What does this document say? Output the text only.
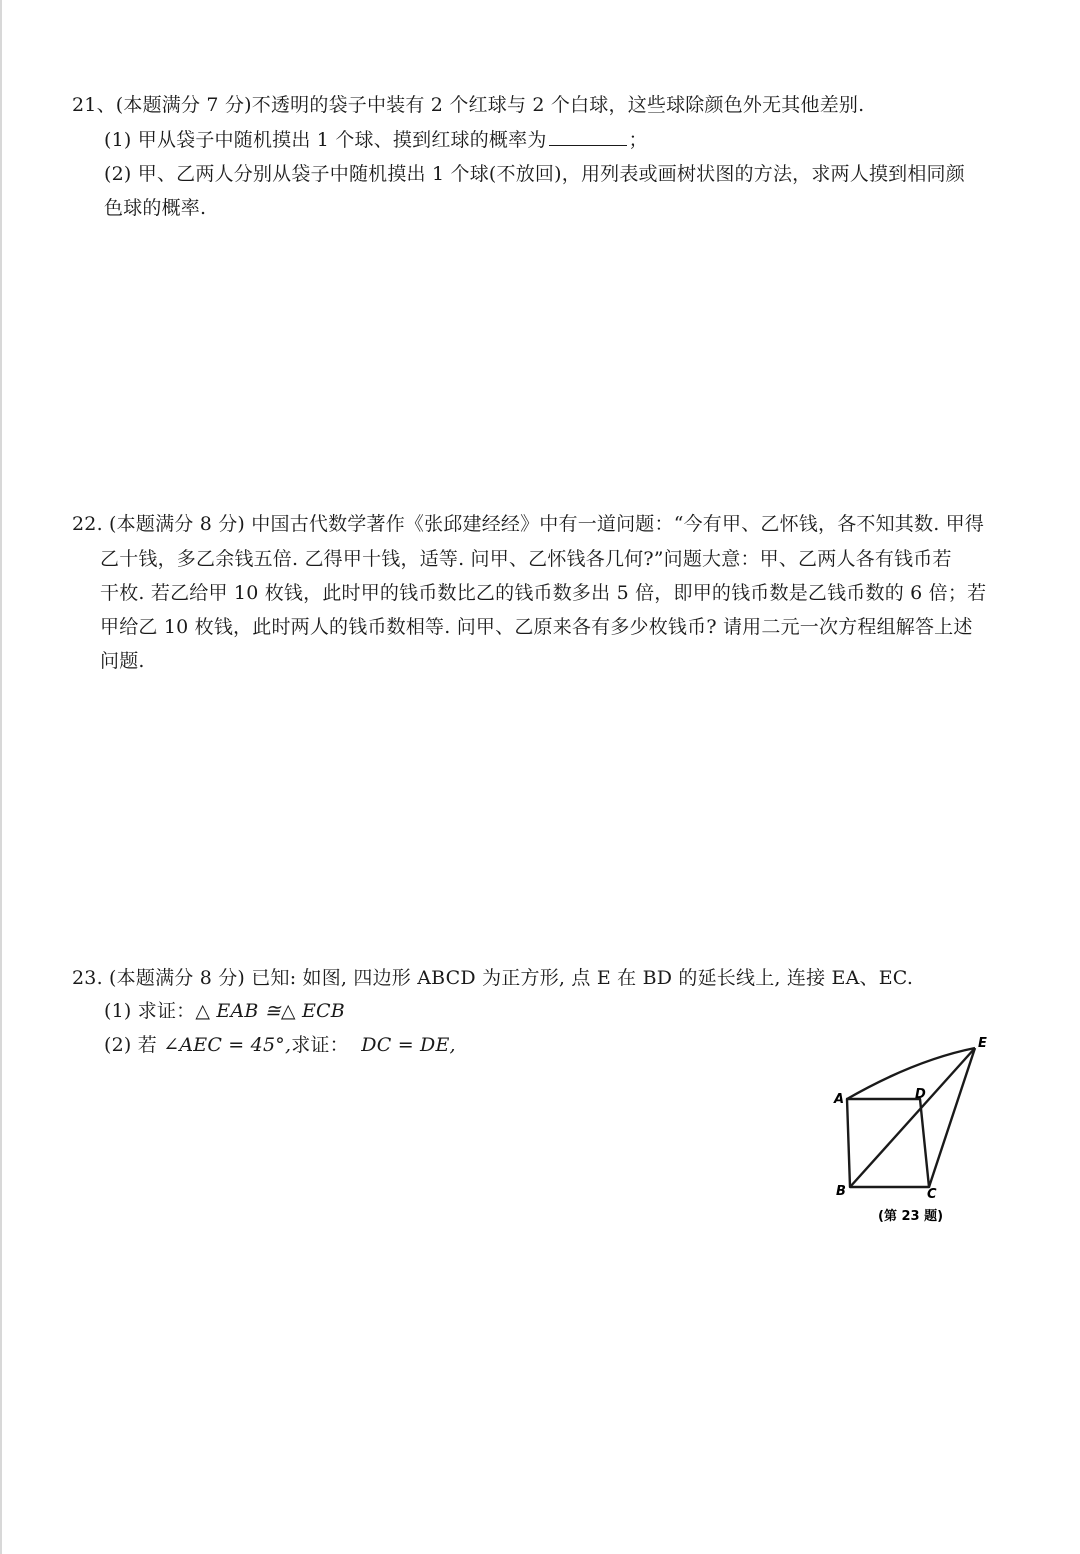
21、(本题满分 7 分)不透明的袋子中装有 2 个红球与 2 个白球，这些球除颜色外无其他差别.
(1) 甲从袋子中随机摸出 1 个球、摸到红球的概率为	；
(2) 甲、乙两人分别从袋子中随机摸出 1 个球(不放回)，用列表或画树状图的方法，求两人摸到相同颜
色球的概率.
22. (本题满分 8 分) 中国古代数学著作《张邱建经经》中有一道问题：“今有甲、乙怀钱，各不知其数. 甲得
乙十钱，多乙余钱五倍. 乙得甲十钱，适等. 问甲、乙怀钱各几何?”问题大意：甲、乙两人各有钱币若
干枚. 若乙给甲 10 枚钱，此时甲的钱币数比乙的钱币数多出 5 倍，即甲的钱币数是乙钱币数的 6 倍；若
甲给乙 10 枚钱，此时两人的钱币数相等. 问甲、乙原来各有多少枚钱币? 请用二元一次方程组解答上述
问题.
23. (本题满分 8 分) 已知: 如图, 四边形 ABCD 为正方形, 点 E 在 BD 的延长线上, 连接 EA、EC.
(1) 求证：△ EAB ≅△ ECB
(2) 若 ∠AEC = 45°,求证： DC = DE,
A	D
E
B	C
(第 23 题)
